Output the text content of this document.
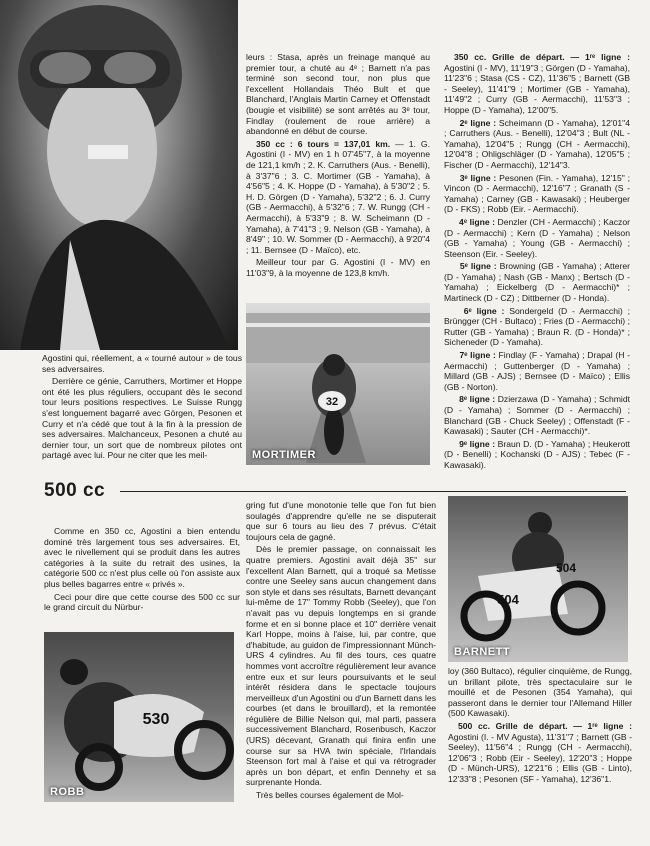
Agostini qui, réellement, a « tourné autour » de tous ses adversaires.

Derrière ce génie, Carruthers, Mortimer et Hoppe ont été les plus réguliers, occupant dès le second tour leurs positions respectives. Le Suisse Rungg s'est longuement bagarré avec Görgen, Pesonen et Curry et n'a cédé que tout à la fin à la pression de ses adversaires. Malchanceux, Pesonen a chuté au dernier tour, un sort que de nombreux pilotes ont partagé avec lui. Pour ne citer que les meil-

leurs : Stasa, après un freinage manqué au premier tour, a chuté au 4ᵉ ; Barnett n'a pas terminé son second tour, non plus que l'excellent Hollandais Théo Bult et que Blanchard, l'Anglais Martin Carney et Offenstadt (bougie et visibilité) se sont arrêtés au 3ᵉ tour, Findlay (roulement de roue arrière) a abandonné en début de course.

350 cc : 6 tours = 137,01 km. — 1. G. Agostini (I - MV) en 1 h 07'45"7, à la moyenne de 121,1 km/h ; 2. K. Carruthers (Aus. - Benelli), à 3'37"6 ; 3. C. Mortimer (GB - Yamaha), à 4'56"5 ; 4. K. Hoppe (D - Yamaha), à 5'30"2 ; 5. H. D. Görgen (D - Yamaha), 5'32"2 ; 6. J. Curry (GB - Aermacchi), à 5'32"6 ; 7. W. Rungg (CH - Aermacchi), à 5'33"9 ; 8. W. Scheimann (D - Yamaha), à 7'41"3 ; 9. Nelson (GB - Yamaha), à 8'49" ; 10. W. Sommer (D - Aermacchi), à 9'20"4 ; 11. Bernsee (D - Maïco), etc.

Meilleur tour par G. Agostini (I - MV) en 11'03"9, à la moyenne de 123,8 km/h.

32
MORTIMER

350 cc. Grille de départ. — 1ʳᵉ ligne : Agostini (I - MV), 11'19"3 ; Görgen (D - Yamaha), 11'23"6 ; Stasa (CS - CZ), 11'36"5 ; Barnett (GB - Seeley), 11'41"9 ; Mortimer (GB - Yamaha), 11'49"2 ; Curry (GB - Aermacchi), 11'53"3 ; Hoppe (D - Yamaha), 12'00"5.

2ᵉ ligne : Scheimann (D - Yamaha), 12'01"4 ; Carruthers (Aus. - Benelli), 12'04"3 ; Bult (NL - Yamaha), 12'04"5 ; Rungg (CH - Aermacchi), 12'04"8 ; Ohligschläger (D - Yamaha), 12'05"5 ; Fischer (D - Aermacchi), 12'14"3.

3ᵉ ligne : Pesonen (Fin. - Yamaha), 12'15" ; Vincon (D - Aermacchi), 12'16"7 ; Granath (S - Yamaha) ; Carney (GB - Kawasaki) ; Heuberger (D - FKS) ; Robb (Eir. - Aermacchi).

4ᵉ ligne : Denzler (CH - Aermacchi) ; Kaczor (D - Aermacchi) ; Kern (D - Yamaha) ; Nelson (GB - Yamaha) ; Young (GB - Aermacchi) ; Steenson (Eir. - Seeley).

5ᵉ ligne : Browning (GB - Yamaha) ; Atterer (D - Yamaha) ; Nash (GB - Manx) ; Bertsch (D - Yamaha) ; Eickelberg (D - Aermacchi)* ; Martineck (D - CZ) ; Dittberner (D - Honda).

6ᵉ ligne : Sondergeld (D - Aermacchi) ; Brüngger (CH - Bultaco) ; Fries (D - Aermacchi) ; Rutter (GB - Yamaha) ; Braun R. (D - Honda)* ; Sicheneder (D - Yamaha).

7ᵉ ligne : Findlay (F - Yamaha) ; Drapal (H - Aermacchi) ; Guttenberger (D - Yamaha) ; Millard (GB - AJS) ; Bernsee (D - Maïco) ; Ellis (GB - Norton).

8ᵉ ligne : Dzierzawa (D - Yamaha) ; Schmidt (D - Yamaha) ; Sommer (D - Aermacchi) ; Blanchard (GB - Chuck Seeley) ; Offenstadt (F - Kawasaki) ; Sauter (CH - Aermacchi)*.

9ᵉ ligne : Braun D. (D - Yamaha) ; Heukerott (D - Benelli) ; Kochanski (D - AJS) ; Tebec (F - Kawasaki).

500 cc

Comme en 350 cc, Agostini a bien entendu dominé très largement tous ses adversaires. Et, avec le nivellement qui se produit dans les autres catégories à la suite du retrait des usines, la catégorie 500 cc n'est plus celle où l'on assiste aux plus belles bagarres entre « privés ».

Ceci pour dire que cette course des 500 cc sur le grand circuit du Nürbur-

530
ROBB

gring fut d'une monotonie telle que l'on fut bien soulagés d'apprendre qu'elle ne se disputerait que sur 6 tours au lieu des 7 prévus. C'était toujours cela de gagné.

Dès le premier passage, on connaissait les quatre premiers. Agostini avait déjà 35" sur l'excellent Alan Barnett, qui a troqué sa Metisse contre une Seeley sans aucun changement dans son style et dans ses résultats, Barnett devançant lui-même de 17" Tommy Robb (Seeley), que l'on n'avait pas vu depuis longtemps en si grande forme et en si bonne place et 10" derrière venait Karl Hoppe, moins à l'aise, lui, par contre, que d'habitude, au guidon de l'impressionnant Münch-URS 4 cylindres. Au fil des tours, ces quatre hommes vont accroître régulièrement leur avance entre eux et sur leurs poursuivants et le seul intérêt résidera dans le spectacle toujours merveilleux d'un Agostini ou d'un Barnett dans les courbes (et dans le brouillard), et la remontée régulière de Billie Nelson qui, mal parti, passera successivement Blanchard, Rosenbusch, Kaczor (URS) décevant, Granath qui finira enfin une course sur sa HVA twin spéciale, l'Irlandais Steenson fort mal à l'aise et qui va rétrograder après un bon départ, et enfin Dennehy et sa surprenante Honda.

Très belles courses également de Mol-

504
504
BARNETT

loy (360 Bultaco), régulier cinquième, de Rungg, un brillant pilote, très spectaculaire sur le mouillé et de Pesonen (354 Yamaha), qui passeront dans le dernier tour l'Allemand Hiller (500 Kawasaki).

500 cc. Grille de départ. — 1ʳᵉ ligne : Agostini (I. - MV Agusta), 11'31"7 ; Barnett (GB - Seeley), 11'56"4 ; Rungg (CH - Aermacchi), 12'06"3 ; Robb (Eir - Seeley), 12'20"3 ; Hoppe (D - Münch-URS), 12'21"6 ; Ellis (GB - Linto), 12'33"8 ; Pesonen (SF - Yamaha), 12'36"1.
